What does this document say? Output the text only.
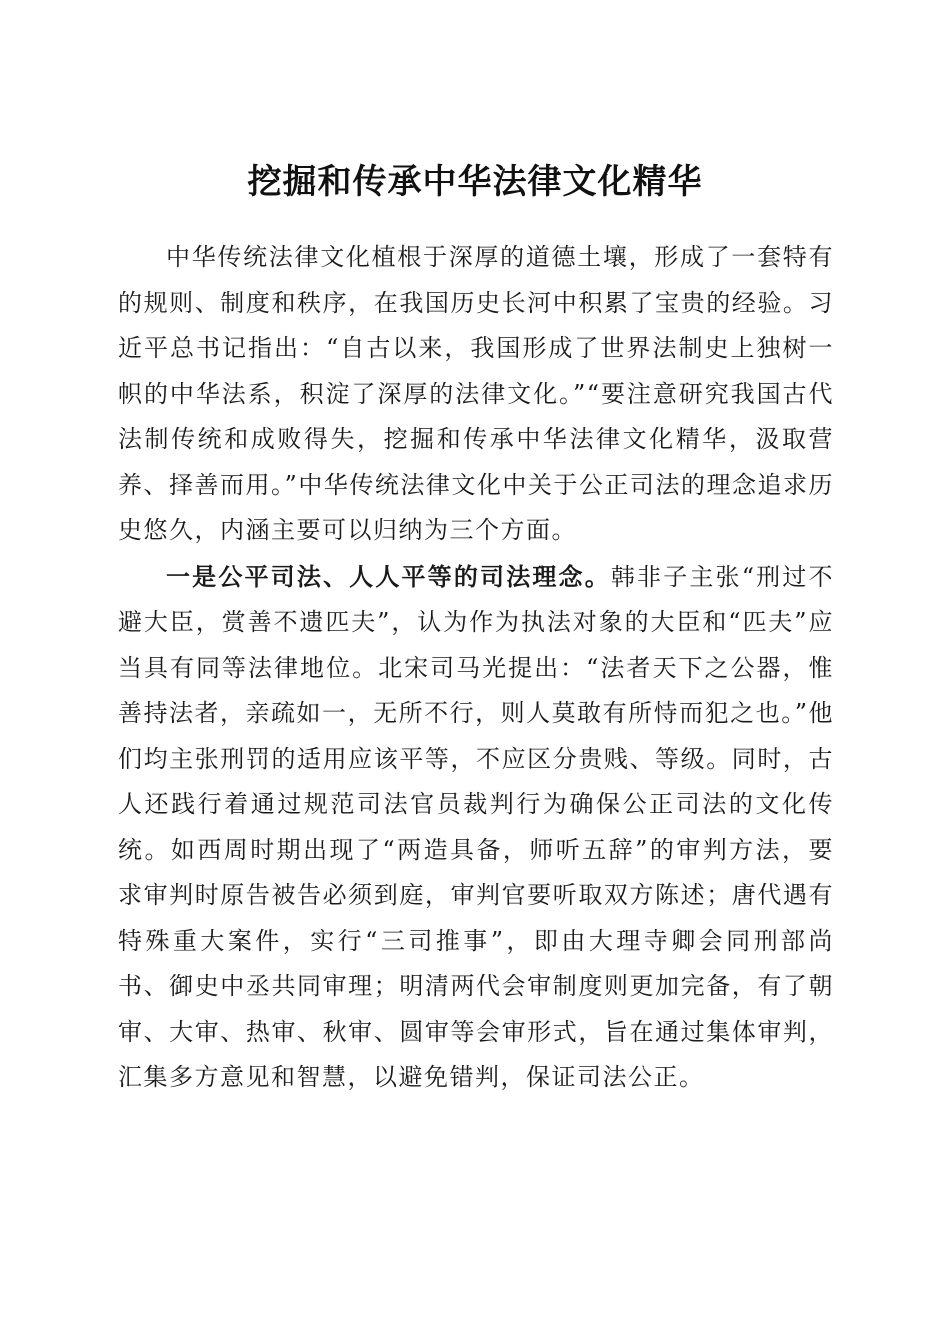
挖掘和传承中华法律文化精华

中华传统法律文化植根于深厚的道德土壤，形成了一套特有的规则、制度和秩序，在我国历史长河中积累了宝贵的经验。习近平总书记指出：“自古以来，我国形成了世界法制史上独树一帜的中华法系，积淀了深厚的法律文化。”“要注意研究我国古代法制传统和成败得失，挖掘和传承中华法律文化精华，汲取营养、择善而用。”中华传统法律文化中关于公正司法的理念追求历史悠久，内涵主要可以归纳为三个方面。

一是公平司法、人人平等的司法理念。韩非子主张“刑过不避大臣，赏善不遗匹夫”，认为作为执法对象的大臣和“匹夫”应当具有同等法律地位。北宋司马光提出：“法者天下之公器，惟善持法者，亲疏如一，无所不行，则人莫敢有所恃而犯之也。”他们均主张刑罚的适用应该平等，不应区分贵贱、等级。同时，古人还践行着通过规范司法官员裁判行为确保公正司法的文化传统。如西周时期出现了“两造具备，师听五辞”的审判方法，要求审判时原告被告必须到庭，审判官要听取双方陈述；唐代遇有特殊重大案件，实行“三司推事”，即由大理寺卿会同刑部尚书、御史中丞共同审理；明清两代会审制度则更加完备，有了朝审、大审、热审、秋审、圆审等会审形式，旨在通过集体审判，汇集多方意见和智慧，以避免错判，保证司法公正。
